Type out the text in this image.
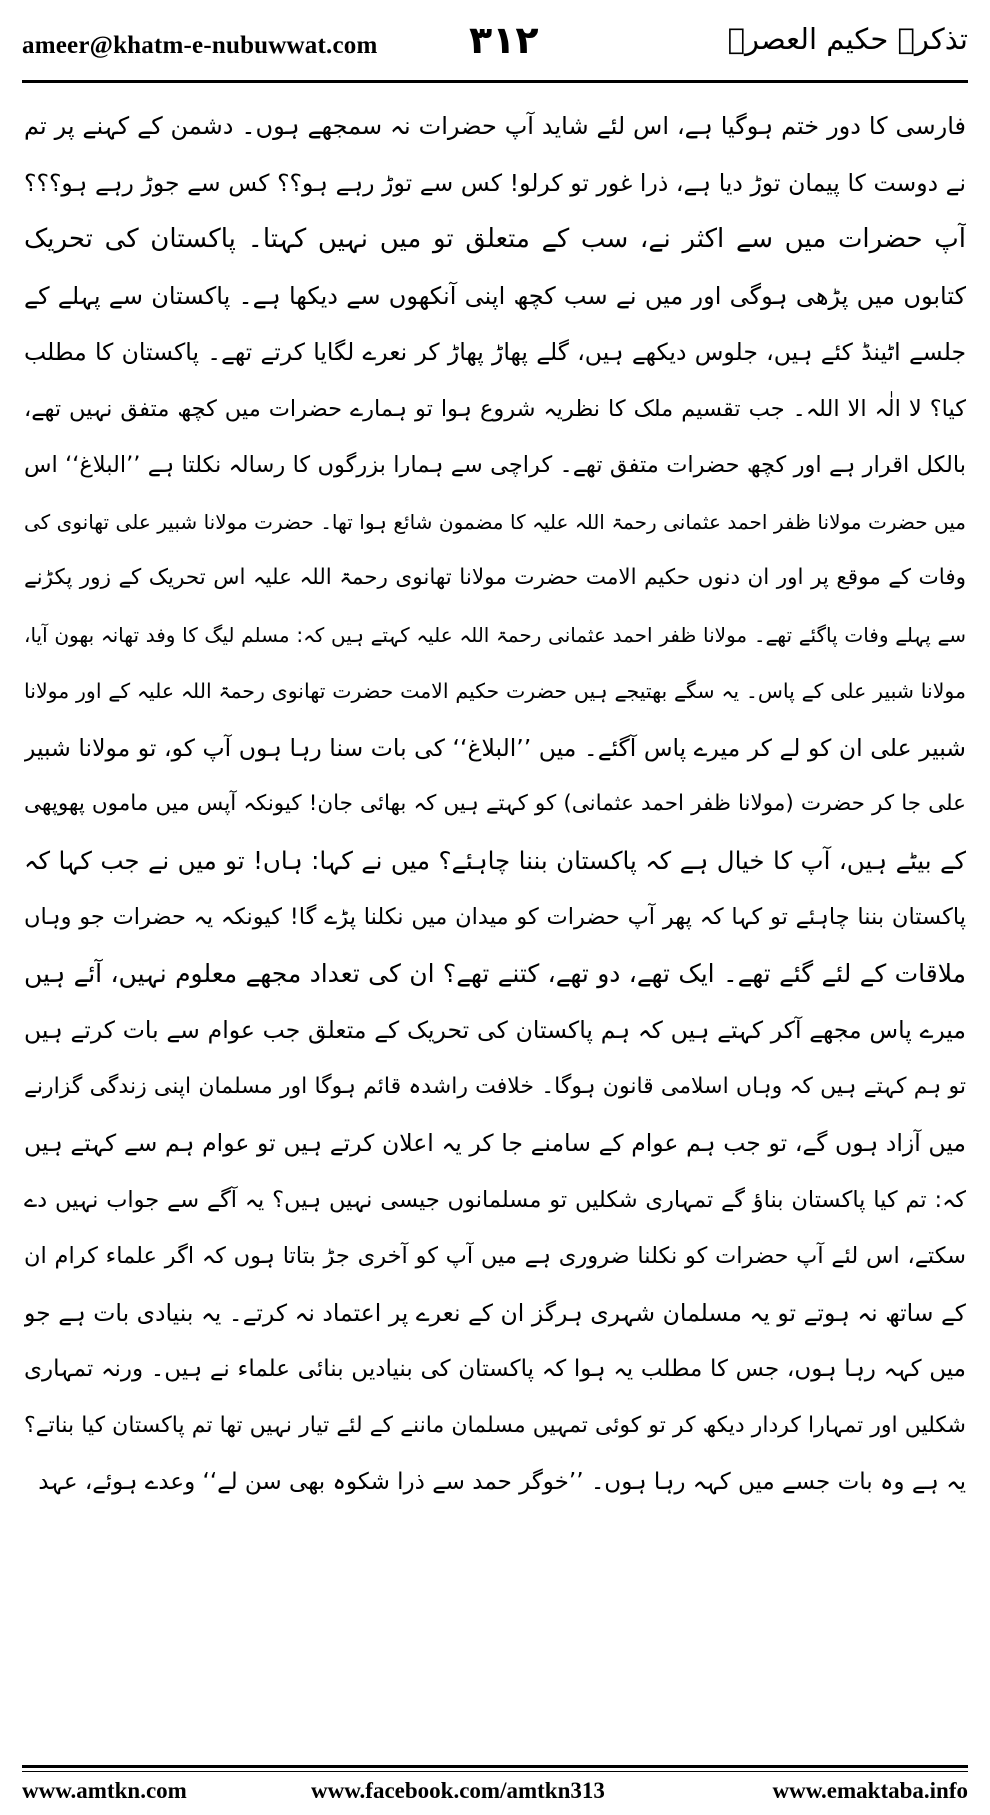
ameer@khatm-e-nubuwwat.com ۳۱۲	تذکرہ حکیم العصرؒ
فارسی کا دور ختم ہوگیا ہے، اس لئے شاید آپ حضرات نہ سمجھے ہوں۔ دشمن کے کہنے پر تم
نے دوست کا پیمان توڑ دیا ہے، ذرا غور تو کرلو! کس سے توڑ رہے ہو؟؟ کس سے جوڑ رہے ہو؟؟؟
آپ حضرات میں سے اکثر نے، سب کے متعلق تو میں نہیں کہتا۔ پاکستان کی تحریک
کتابوں میں پڑھی ہوگی اور میں نے سب کچھ اپنی آنکھوں سے دیکھا ہے۔ پاکستان سے پہلے کے
جلسے اٹینڈ کئے ہیں، جلوس دیکھے ہیں، گلے پھاڑ پھاڑ کر نعرے لگایا کرتے تھے۔ پاکستان کا مطلب
کیا؟ لا الٰہ الا اللہ۔ جب تقسیم ملک کا نظریہ شروع ہوا تو ہمارے حضرات میں کچھ متفق نہیں تھے،
بالکل اقرار ہے اور کچھ حضرات متفق تھے۔ کراچی سے ہمارا بزرگوں کا رسالہ نکلتا ہے ’’البلاغ‘‘ اس
میں حضرت مولانا ظفر احمد عثمانی رحمۃ اللہ علیہ کا مضمون شائع ہوا تھا۔ حضرت مولانا شبیر علی تھانوی کی
وفات کے موقع پر اور ان دنوں حکیم الامت حضرت مولانا تھانوی رحمۃ اللہ علیہ اس تحریک کے زور پکڑنے
سے پہلے وفات پاگئے تھے۔ مولانا ظفر احمد عثمانی رحمۃ اللہ علیہ کہتے ہیں کہ: مسلم لیگ کا وفد تھانہ بھون آیا،
مولانا شبیر علی کے پاس۔ یہ سگے بھتیجے ہیں حضرت حکیم الامت حضرت تھانوی رحمۃ اللہ علیہ کے اور مولانا
شبیر علی ان کو لے کر میرے پاس آگئے۔ میں ’’البلاغ‘‘ کی بات سنا رہا ہوں آپ کو، تو مولانا شبیر
علی جا کر حضرت (مولانا ظفر احمد عثمانی) کو کہتے ہیں کہ بھائی جان! کیونکہ آپس میں ماموں پھوپھی
کے بیٹے ہیں، آپ کا خیال ہے کہ پاکستان بننا چاہئے؟ میں نے کہا: ہاں! تو میں نے جب کہا کہ
پاکستان بننا چاہئے تو کہا کہ پھر آپ حضرات کو میدان میں نکلنا پڑے گا! کیونکہ یہ حضرات جو وہاں
ملاقات کے لئے گئے تھے۔ ایک تھے، دو تھے، کتنے تھے؟ ان کی تعداد مجھے معلوم نہیں، آئے ہیں
میرے پاس مجھے آکر کہتے ہیں کہ ہم پاکستان کی تحریک کے متعلق جب عوام سے بات کرتے ہیں
تو ہم کہتے ہیں کہ وہاں اسلامی قانون ہوگا۔ خلافت راشدہ قائم ہوگا اور مسلمان اپنی زندگی گزارنے
میں آزاد ہوں گے، تو جب ہم عوام کے سامنے جا کر یہ اعلان کرتے ہیں تو عوام ہم سے کہتے ہیں
کہ: تم کیا پاکستان بناؤ گے تمہاری شکلیں تو مسلمانوں جیسی نہیں ہیں؟ یہ آگے سے جواب نہیں دے
سکتے، اس لئے آپ حضرات کو نکلنا ضروری ہے میں آپ کو آخری جڑ بتاتا ہوں کہ اگر علماء کرام ان
کے ساتھ نہ ہوتے تو یہ مسلمان شہری ہرگز ان کے نعرے پر اعتماد نہ کرتے۔ یہ بنیادی بات ہے جو
میں کہہ رہا ہوں، جس کا مطلب یہ ہوا کہ پاکستان کی بنیادیں بنائی علماء نے ہیں۔ ورنہ تمہاری
شکلیں اور تمہارا کردار دیکھ کر تو کوئی تمہیں مسلمان ماننے کے لئے تیار نہیں تھا تم پاکستان کیا بناتے؟
یہ ہے وہ بات جسے میں کہہ رہا ہوں۔ ’’خوگر حمد سے ذرا شکوہ بھی سن لے‘‘ وعدے ہوئے، عہد
www.amtkn.com	www.facebook.com/amtkn313	www.emaktaba.info
